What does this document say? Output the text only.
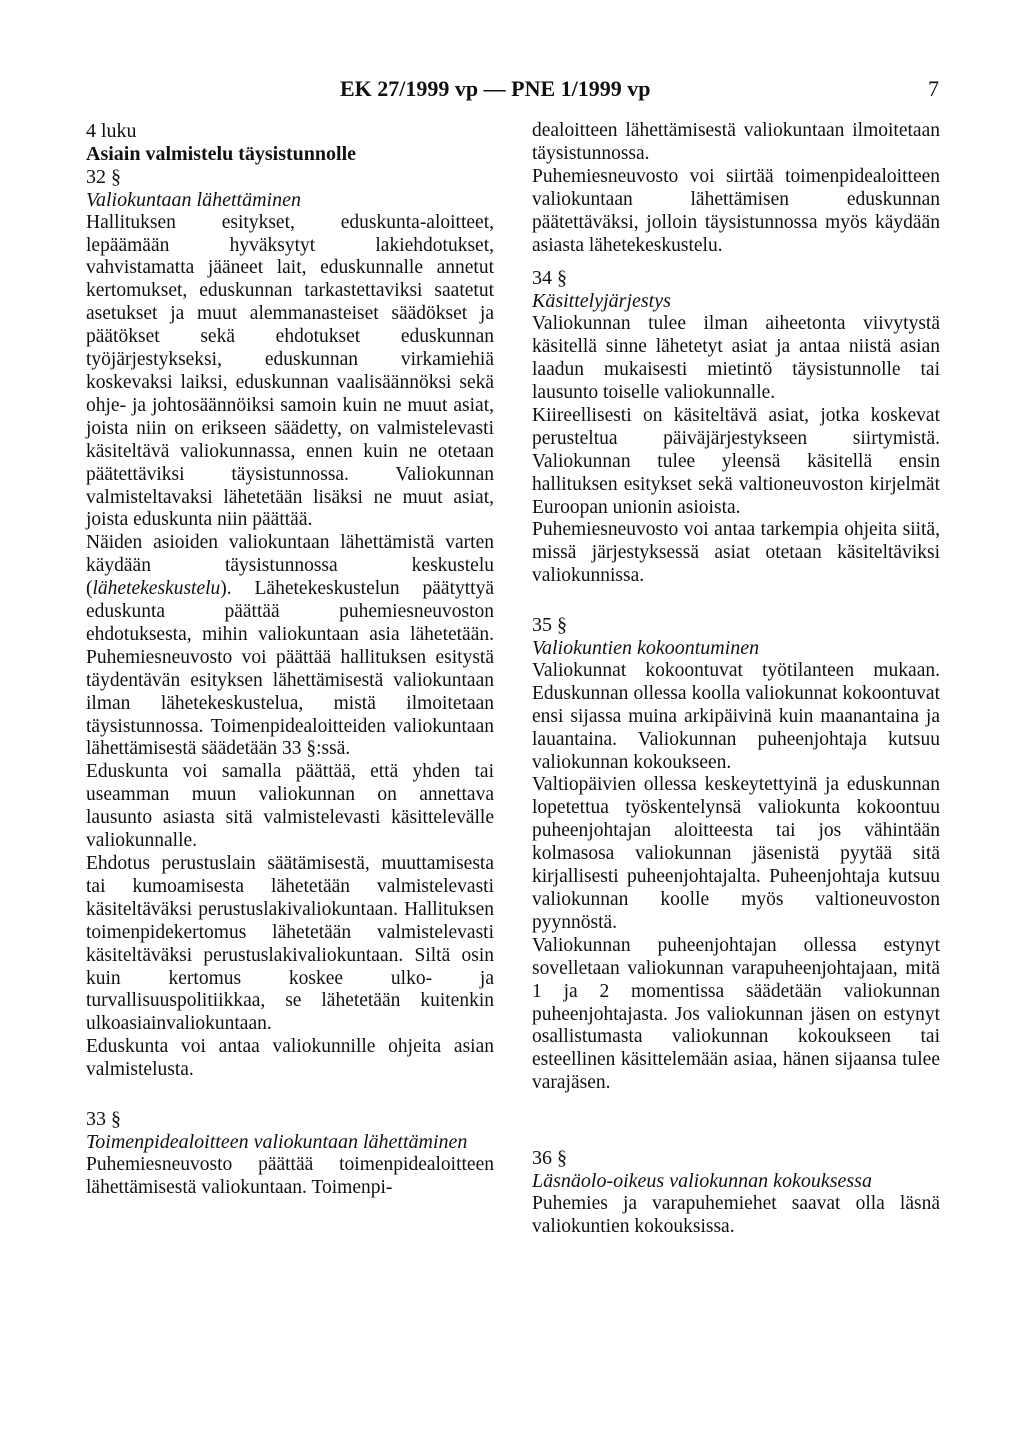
EK 27/1999 vp — PNE 1/1999 vp	7

4 luku

Asiain valmistelu täysistunnolle

32 §

Valiokuntaan lähettäminen

Hallituksen esitykset, eduskunta-aloitteet, lepäämään hyväksytyt lakiehdotukset, vahvistamatta jääneet lait, eduskunnalle annetut kertomukset, eduskunnan tarkastettaviksi saatetut asetukset ja muut alemmanasteiset säädökset ja päätökset sekä ehdotukset eduskunnan työjärjestykseksi, eduskunnan virkamiehiä koskevaksi laiksi, eduskunnan vaalisäännöksi sekä ohje- ja johtosäännöiksi samoin kuin ne muut asiat, joista niin on erikseen säädetty, on valmistelevasti käsiteltävä valiokunnassa, ennen kuin ne otetaan päätettäviksi täysistunnossa. Valiokunnan valmisteltavaksi lähetetään lisäksi ne muut asiat, joista eduskunta niin päättää.

Näiden asioiden valiokuntaan lähettämistä varten käydään täysistunnossa keskustelu (lähetekeskustelu). Lähetekeskustelun päätyttyä eduskunta päättää puhemiesneuvoston ehdotuksesta, mihin valiokuntaan asia lähetetään. Puhemiesneuvosto voi päättää hallituksen esitystä täydentävän esityksen lähettämisestä valiokuntaan ilman lähetekeskustelua, mistä ilmoitetaan täysistunnossa. Toimenpidealoitteiden valiokuntaan lähettämisestä säädetään 33 §:ssä.

Eduskunta voi samalla päättää, että yhden tai useamman muun valiokunnan on annettava lausunto asiasta sitä valmistelevasti käsittelevälle valiokunnalle.

Ehdotus perustuslain säätämisestä, muuttamisesta tai kumoamisesta lähetetään valmistelevasti käsiteltäväksi perustuslakivaliokuntaan. Hallituksen toimenpidekertomus lähetetään valmistelevasti käsiteltäväksi perustuslakivaliokuntaan. Siltä osin kuin kertomus koskee ulko- ja turvallisuuspolitiikkaa, se lähetetään kuitenkin ulkoasiainvaliokuntaan.

Eduskunta voi antaa valiokunnille ohjeita asian valmistelusta.

33 §

Toimenpidealoitteen valiokuntaan lähettäminen

Puhemiesneuvosto päättää toimenpidealoitteen lähettämisestä valiokuntaan. Toimenpi-

dealoitteen lähettämisestä valiokuntaan ilmoitetaan täysistunnossa.

Puhemiesneuvosto voi siirtää toimenpidealoitteen valiokuntaan lähettämisen eduskunnan päätettäväksi, jolloin täysistunnossa myös käydään asiasta lähetekeskustelu.

34 §

Käsittelyjärjestys

Valiokunnan tulee ilman aiheetonta viivytystä käsitellä sinne lähetetyt asiat ja antaa niistä asian laadun mukaisesti mietintö täysistunnolle tai lausunto toiselle valiokunnalle.

Kiireellisesti on käsiteltävä asiat, jotka koskevat perusteltua päiväjärjestykseen siirtymistä. Valiokunnan tulee yleensä käsitellä ensin hallituksen esitykset sekä valtioneuvoston kirjelmät Euroopan unionin asioista.

Puhemiesneuvosto voi antaa tarkempia ohjeita siitä, missä järjestyksessä asiat otetaan käsiteltäviksi valiokunnissa.

35 §

Valiokuntien kokoontuminen

Valiokunnat kokoontuvat työtilanteen mukaan. Eduskunnan ollessa koolla valiokunnat kokoontuvat ensi sijassa muina arkipäivinä kuin maanantaina ja lauantaina. Valiokunnan puheenjohtaja kutsuu valiokunnan kokoukseen.

Valtiopäivien ollessa keskeytettyinä ja eduskunnan lopetettua työskentelynsä valiokunta kokoontuu puheenjohtajan aloitteesta tai jos vähintään kolmasosa valiokunnan jäsenistä pyytää sitä kirjallisesti puheenjohtajalta. Puheenjohtaja kutsuu valiokunnan koolle myös valtioneuvoston pyynnöstä.

Valiokunnan puheenjohtajan ollessa estynyt sovelletaan valiokunnan varapuheenjohtajaan, mitä 1 ja 2 momentissa säädetään valiokunnan puheenjohtajasta. Jos valiokunnan jäsen on estynyt osallistumasta valiokunnan kokoukseen tai esteellinen käsittelemään asiaa, hänen sijaansa tulee varajäsen.

36 §

Läsnäolo-oikeus valiokunnan kokouksessa

Puhemies ja varapuhemiehet saavat olla läsnä valiokuntien kokouksissa.
